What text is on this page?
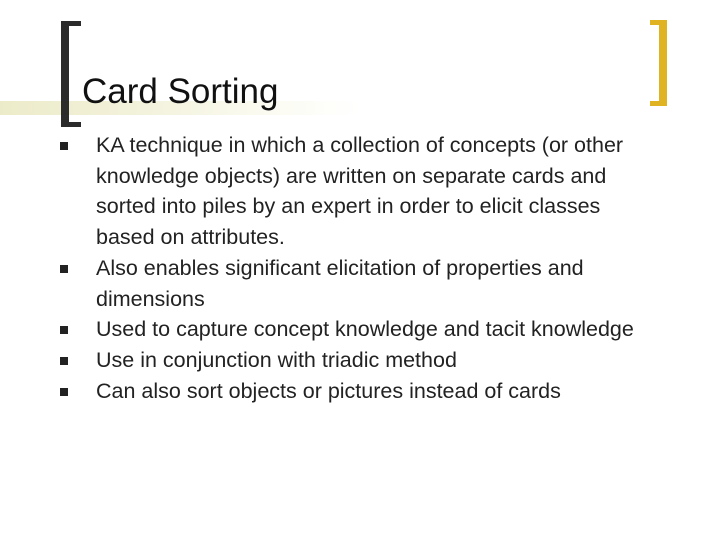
Card Sorting
KA technique in which a collection of concepts (or other knowledge objects) are written on separate cards and sorted into piles by an expert in order to elicit classes based on attributes.
Also enables significant elicitation of properties and dimensions
Used to capture concept knowledge and tacit knowledge
Use in conjunction with triadic method
Can also sort objects or pictures instead of cards
